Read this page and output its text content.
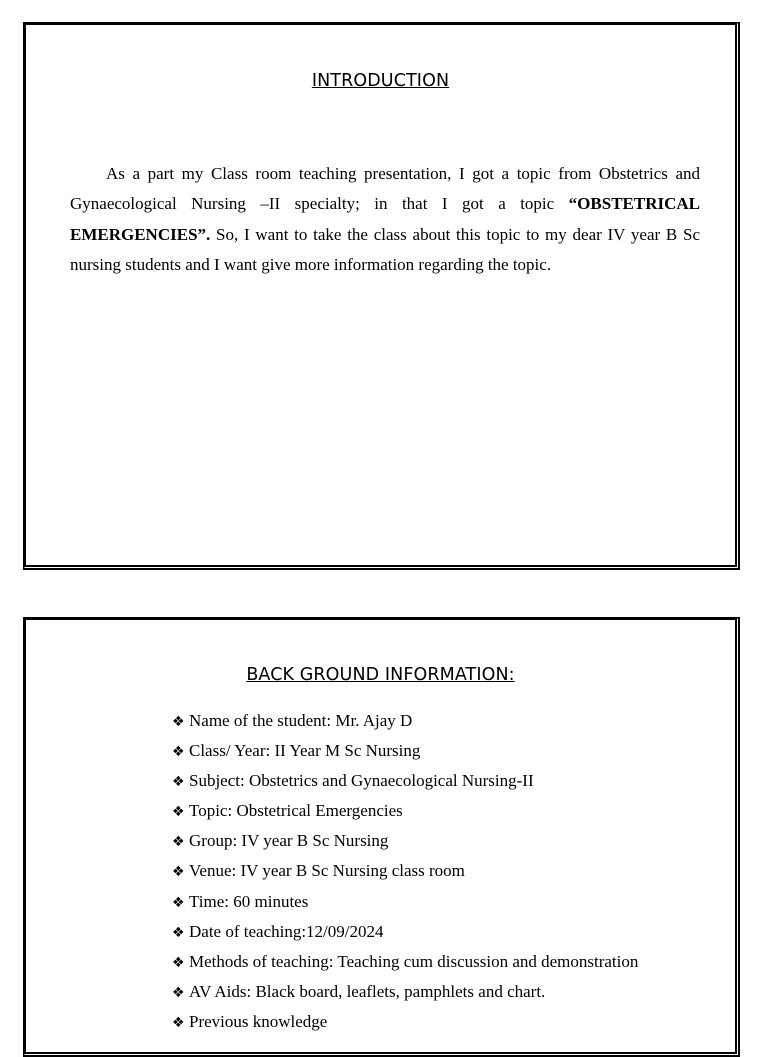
INTRODUCTION

As a part my Class room teaching presentation, I got a topic from Obstetrics and Gynaecological Nursing –II specialty; in that I got a topic “OBSTETRICAL EMERGENCIES”. So, I want to take the class about this topic to my dear IV year B Sc nursing students and I want give more information regarding the topic.

BACK GROUND INFORMATION:
❖ Name of the student: Mr. Ajay D
❖ Class/ Year: II Year M Sc Nursing
❖ Subject: Obstetrics and Gynaecological Nursing-II
❖ Topic: Obstetrical Emergencies
❖ Group: IV year B Sc Nursing
❖ Venue: IV year B Sc Nursing class room
❖ Time: 60 minutes
❖ Date of teaching:12/09/2024
❖ Methods of teaching: Teaching cum discussion and demonstration
❖ AV Aids: Black board, leaflets, pamphlets and chart.
❖ Previous knowledge
